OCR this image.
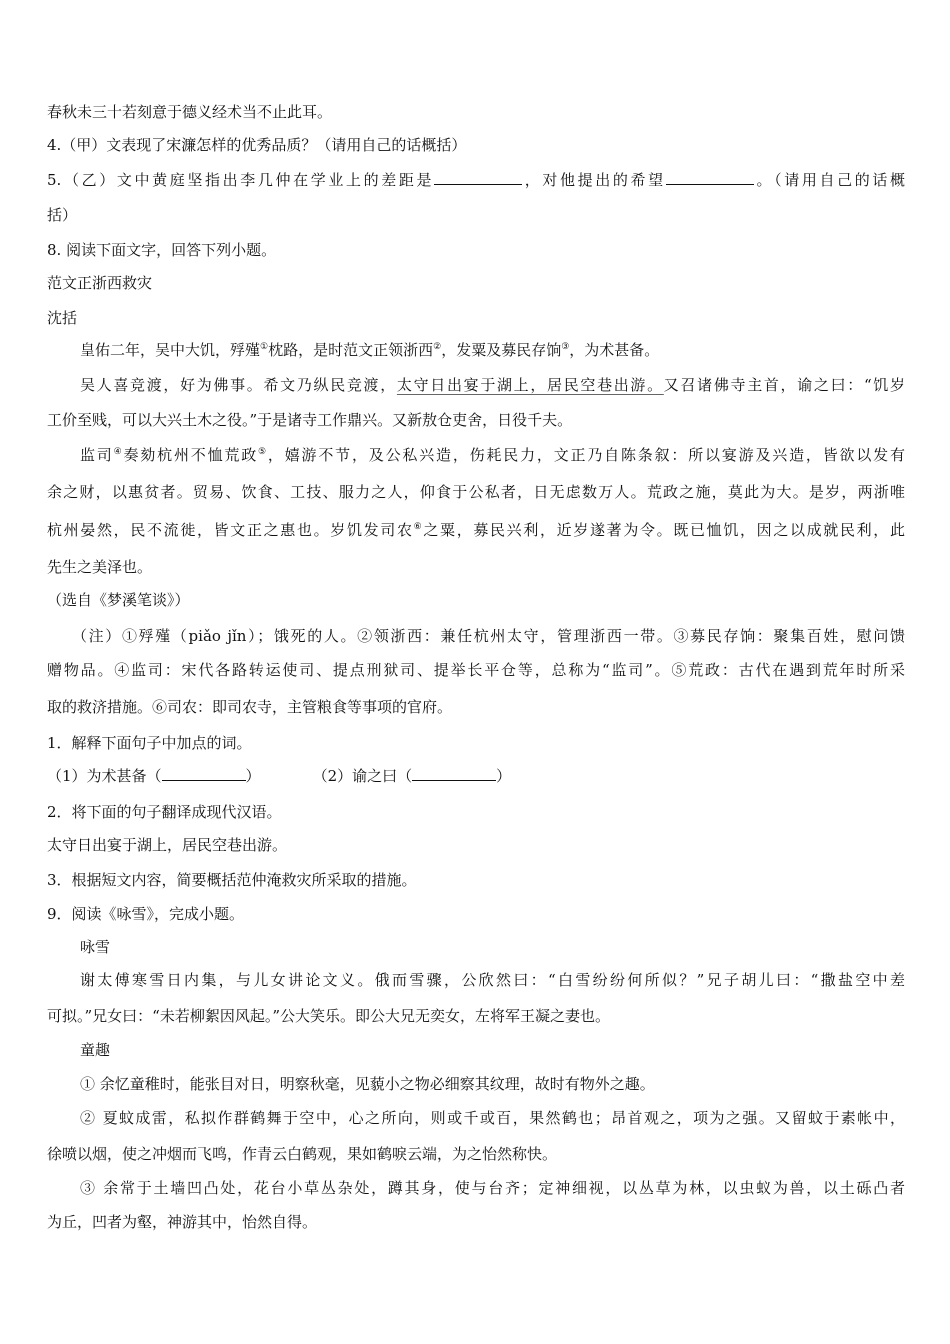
春秋未三十若刻意于德义经术当不止此耳。
4.（甲）文表现了宋濂怎样的优秀品质？（请用自己的话概括）
5.（乙）文中黄庭坚指出李几仲在学业上的差距是	，对他提出的希望	。（请用自己的话概
括）
8. 阅读下面文字，回答下列小题。
范文正浙西救灾
沈括
皇佑二年，吴中大饥，殍殣①枕路，是时范文正领浙西②，发粟及募民存饷③，为术甚备。
吴人喜竞渡，好为佛事。希文乃纵民竞渡，太守日出宴于湖上，居民空巷出游。又召诸佛寺主首，谕之曰：“饥岁
工价至贱，可以大兴土木之役。”于是诸寺工作鼎兴。又新敖仓吏舍，日役千夫。
监司④奏劾杭州不恤荒政⑤，嬉游不节，及公私兴造，伤耗民力，文正乃自陈条叙：所以宴游及兴造，皆欲以发有
余之财，以惠贫者。贸易、饮食、工技、服力之人，仰食于公私者，日无虑数万人。荒政之施，莫此为大。是岁，两浙唯
杭州晏然，民不流徙，皆文正之惠也。岁饥发司农⑥之粟，募民兴利，近岁遂著为令。既已恤饥，因之以成就民利，此
先生之美泽也。
（选自《梦溪笔谈》）
（注）①殍殣（piǎo jǐn）；饿死的人。②领浙西：兼任杭州太守，管理浙西一带。③募民存饷：聚集百姓，慰问馈
赠物品。④监司：宋代各路转运使司、提点刑狱司、提举长平仓等，总称为“监司”。⑤荒政：古代在遇到荒年时所采
取的救济措施。⑥司农：即司农寺，主管粮食等事项的官府。
1．解释下面句子中加点的词。
（1）为术甚备（	）	（2）谕之曰（	）
2．将下面的句子翻译成现代汉语。
太守日出宴于湖上，居民空巷出游。
3．根据短文内容，简要概括范仲淹救灾所采取的措施。
9．阅读《咏雪》，完成小题。
咏雪
谢太傅寒雪日内集，与儿女讲论文义。俄而雪骤，公欣然曰：“白雪纷纷何所似？”兄子胡儿曰：“撒盐空中差
可拟。”兄女曰：“未若柳絮因风起。”公大笑乐。即公大兄无奕女，左将军王凝之妻也。
童趣
① 余忆童稚时，能张目对日，明察秋毫，见藐小之物必细察其纹理，故时有物外之趣。
② 夏蚊成雷，私拟作群鹤舞于空中，心之所向，则或千或百，果然鹤也；昂首观之，项为之强。又留蚊于素帐中，
徐喷以烟，使之冲烟而飞鸣，作青云白鹤观，果如鹤唳云端，为之怡然称快。
③ 余常于土墙凹凸处，花台小草丛杂处，蹲其身，使与台齐；定神细视，以丛草为林，以虫蚁为兽，以土砾凸者
为丘，凹者为壑，神游其中，怡然自得。
